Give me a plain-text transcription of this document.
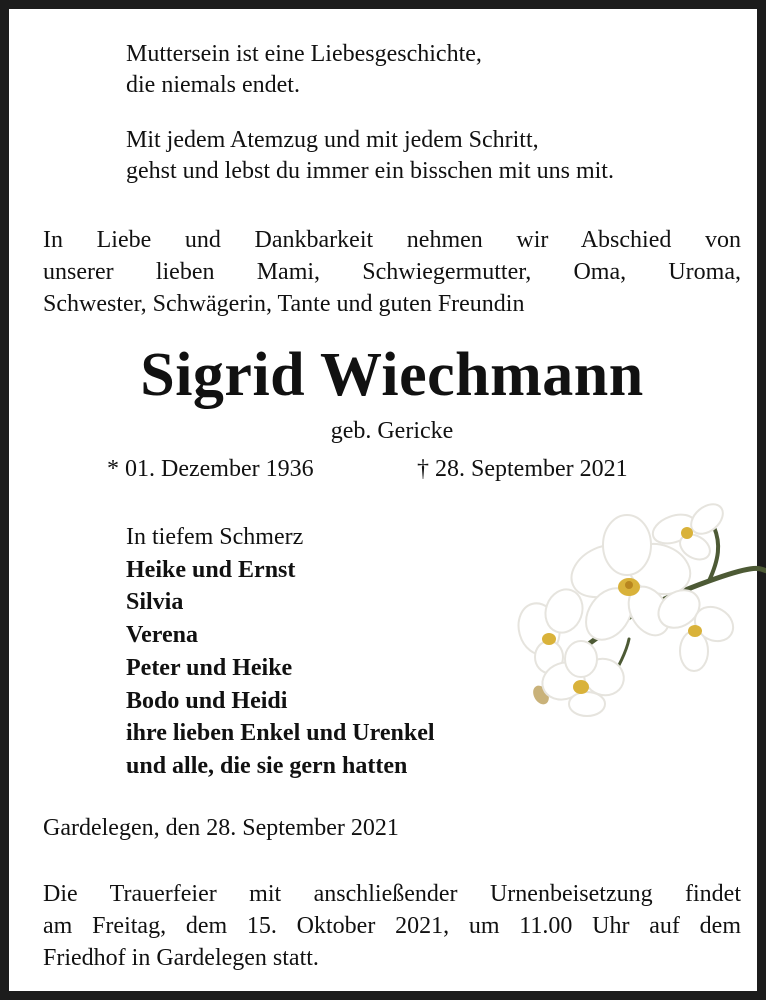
Muttersein ist eine Liebesgeschichte,
die niemals endet.
Mit jedem Atemzug und mit jedem Schritt,
gehst und lebst du immer ein bisschen mit uns mit.
In Liebe und Dankbarkeit nehmen wir Abschied von
unserer lieben Mami, Schwiegermutter, Oma, Uroma,
Schwester, Schwägerin, Tante und guten Freundin
Sigrid Wiechmann
geb. Gericke
* 01. Dezember 1936	† 28. September 2021
In tiefem Schmerz
Heike und Ernst
Silvia
Verena
Peter und Heike
Bodo und Heidi
ihre lieben Enkel und Urenkel
und alle, die sie gern hatten
Gardelegen, den 28. September 2021
Die Trauerfeier mit anschließender Urnenbeisetzung findet
am Freitag, dem 15. Oktober 2021, um 11.00 Uhr auf dem
Friedhof in Gardelegen statt.
